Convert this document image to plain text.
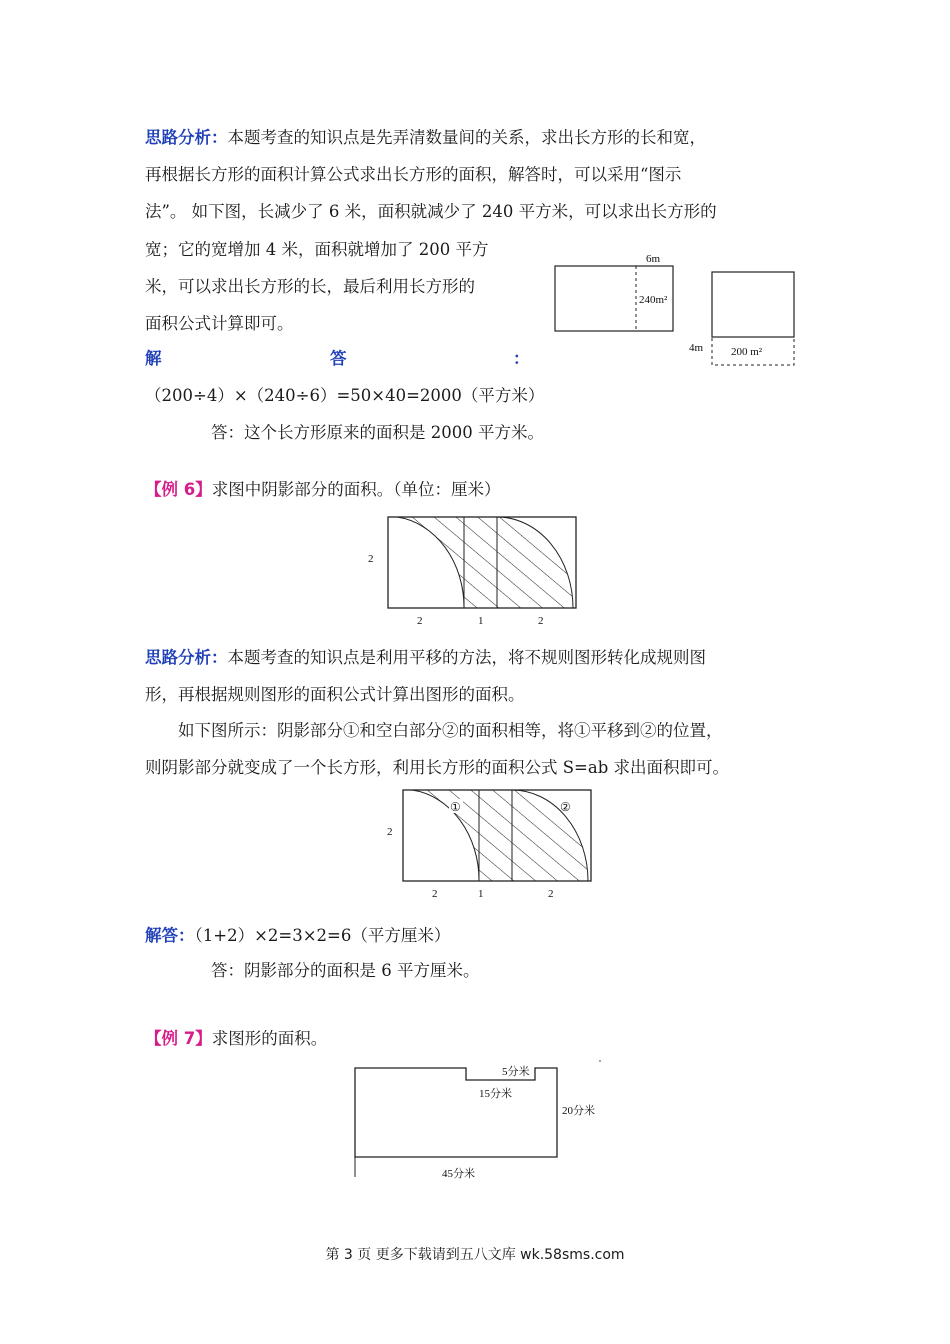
思路分析：本题考查的知识点是先弄清数量间的关系，求出长方形的长和宽，
再根据长方形的面积计算公式求出长方形的面积，解答时，可以采用“图示
法”。 如下图，长减少了 6 米，面积就减少了 240 平方米，可以求出长方形的
宽；它的宽增加 4 米，面积就增加了 200 平方
米，可以求出长方形的长，最后利用长方形的
面积公式计算即可。
6m
240m²
4m	200 m²
解	答	：
（200÷4）×（240÷6）=50×40=2000（平方米）
答：这个长方形原来的面积是 2000 平方米。
【例 6】求图中阴影部分的面积。（单位：厘米）
2
2	1	2
思路分析：本题考查的知识点是利用平移的方法，将不规则图形转化成规则图
形，再根据规则图形的面积公式计算出图形的面积。
如下图所示：阴影部分①和空白部分②的面积相等，将①平移到②的位置，
则阴影部分就变成了一个长方形，利用长方形的面积公式 S=ab 求出面积即可。
①	②
2
2	1	2
解答：（1+2）×2=3×2=6（平方厘米）
答：阴影部分的面积是 6 平方厘米。
【例 7】求图形的面积。
5分米
15分米
20分米
45分米
第 3 页 更多下载请到五八文库 wk.58sms.com
